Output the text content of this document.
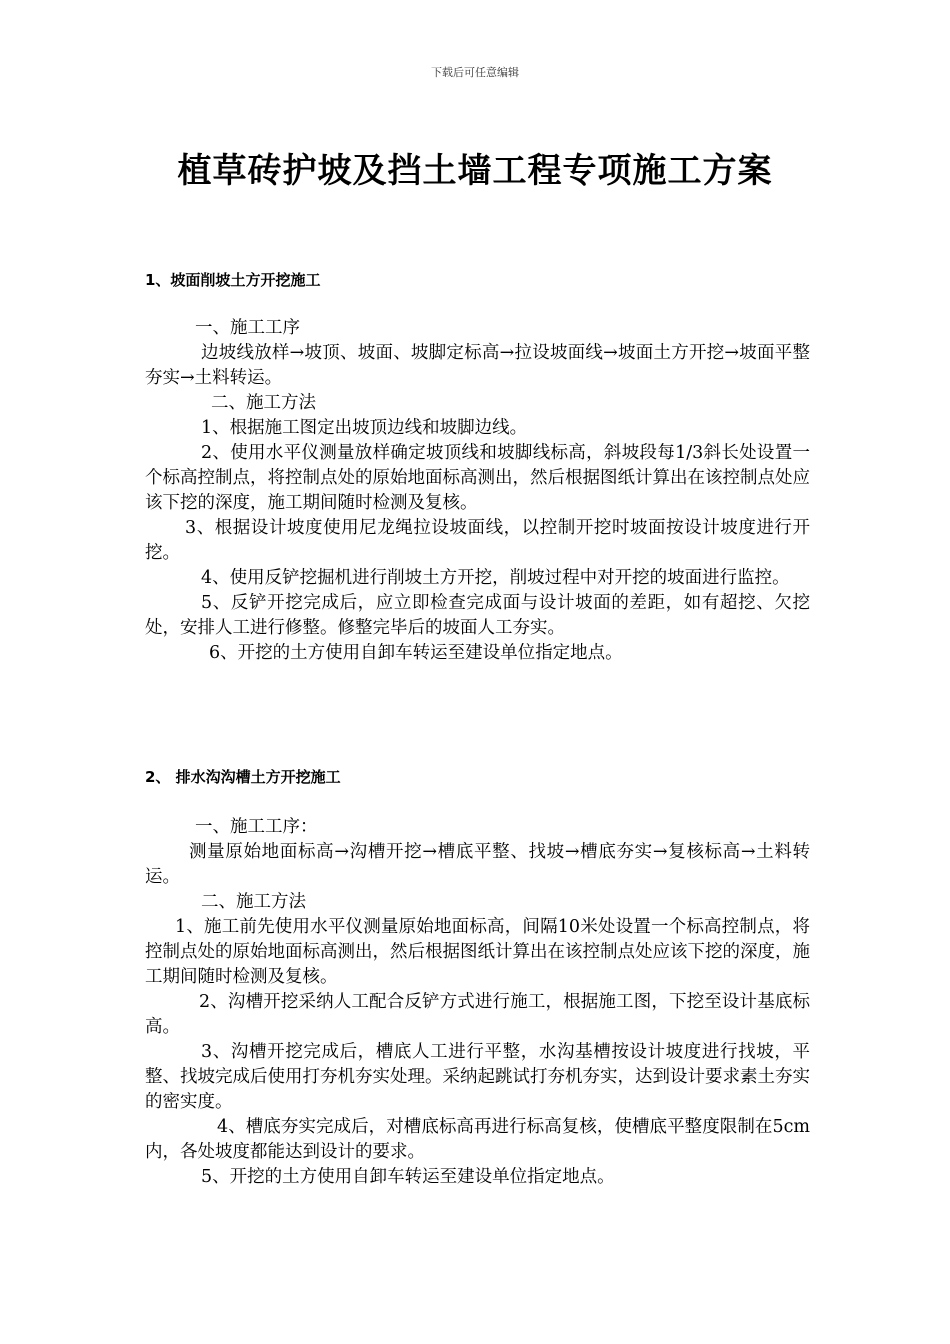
下载后可任意编辑
植草砖护坡及挡土墙工程专项施工方案
1、坡面削坡土方开挖施工

一、施工工序

边坡线放样→坡顶、坡面、坡脚定标高→拉设坡面线→坡面土方开挖→坡面平整夯实→土料转运。

二、施工方法

1、根据施工图定出坡顶边线和坡脚边线。

2、使用水平仪测量放样确定坡顶线和坡脚线标高，斜坡段每1/3斜长处设置一个标高控制点，将控制点处的原始地面标高测出，然后根据图纸计算出在该控制点处应该下挖的深度，施工期间随时检测及复核。

3、根据设计坡度使用尼龙绳拉设坡面线，以控制开挖时坡面按设计坡度进行开挖。

4、使用反铲挖掘机进行削坡土方开挖，削坡过程中对开挖的坡面进行监控。

5、反铲开挖完成后，应立即检查完成面与设计坡面的差距，如有超挖、欠挖处，安排人工进行修整。修整完毕后的坡面人工夯实。

6、开挖的土方使用自卸车转运至建设单位指定地点。

2、 排水沟沟槽土方开挖施工

一、施工工序：

测量原始地面标高→沟槽开挖→槽底平整、找坡→槽底夯实→复核标高→土料转运。

二、施工方法

1、施工前先使用水平仪测量原始地面标高，间隔10米处设置一个标高控制点，将控制点处的原始地面标高测出，然后根据图纸计算出在该控制点处应该下挖的深度，施工期间随时检测及复核。

2、沟槽开挖采纳人工配合反铲方式进行施工，根据施工图，下挖至设计基底标高。

3、沟槽开挖完成后，槽底人工进行平整，水沟基槽按设计坡度进行找坡，平整、找坡完成后使用打夯机夯实处理。采纳起跳试打夯机夯实，达到设计要求素土夯实的密实度。

4、槽底夯实完成后，对槽底标高再进行标高复核，使槽底平整度限制在5cm内，各处坡度都能达到设计的要求。

5、开挖的土方使用自卸车转运至建设单位指定地点。
